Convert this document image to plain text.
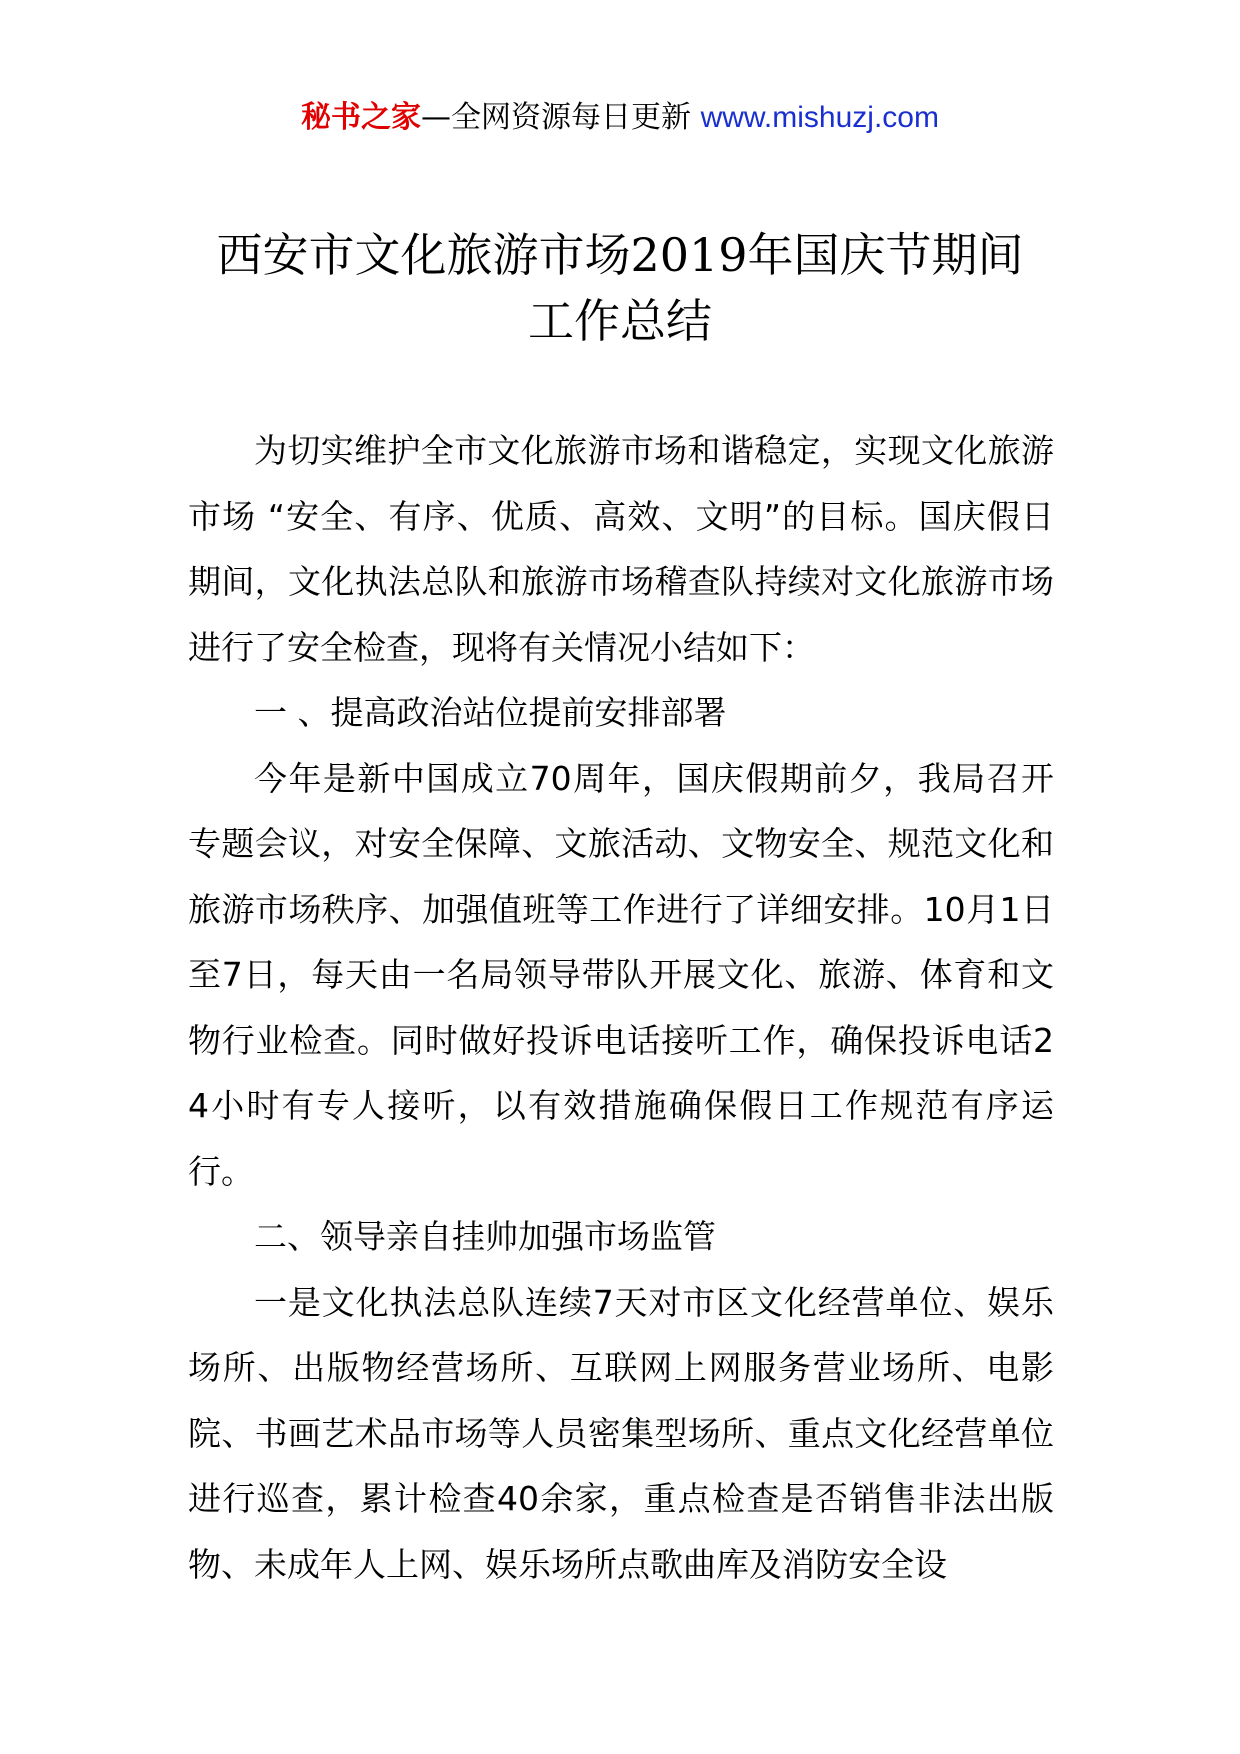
秘书之家—全网资源每日更新 www.mishuzj.com
西安市文化旅游市场2019年国庆节期间
工作总结

为切实维护全市文化旅游市场和谐稳定，实现文化旅游市场 “安全、有序、优质、高效、文明”的目标。国庆假日期间，文化执法总队和旅游市场稽查队持续对文化旅游市场进行了安全检查，现将有关情况小结如下：

一 、提高政治站位提前安排部署

今年是新中国成立70周年，国庆假期前夕，我局召开专题会议，对安全保障、文旅活动、文物安全、规范文化和旅游市场秩序、加强值班等工作进行了详细安排。10月1日至7日，每天由一名局领导带队开展文化、旅游、体育和文物行业检查。同时做好投诉电话接听工作，确保投诉电话24小时有专人接听，以有效措施确保假日工作规范有序运行。

二、领导亲自挂帅加强市场监管

一是文化执法总队连续7天对市区文化经营单位、娱乐场所、出版物经营场所、互联网上网服务营业场所、电影院、书画艺术品市场等人员密集型场所、重点文化经营单位进行巡查，累计检查40余家，重点检查是否销售非法出版物、未成年人上网、娱乐场所点歌曲库及消防安全设
